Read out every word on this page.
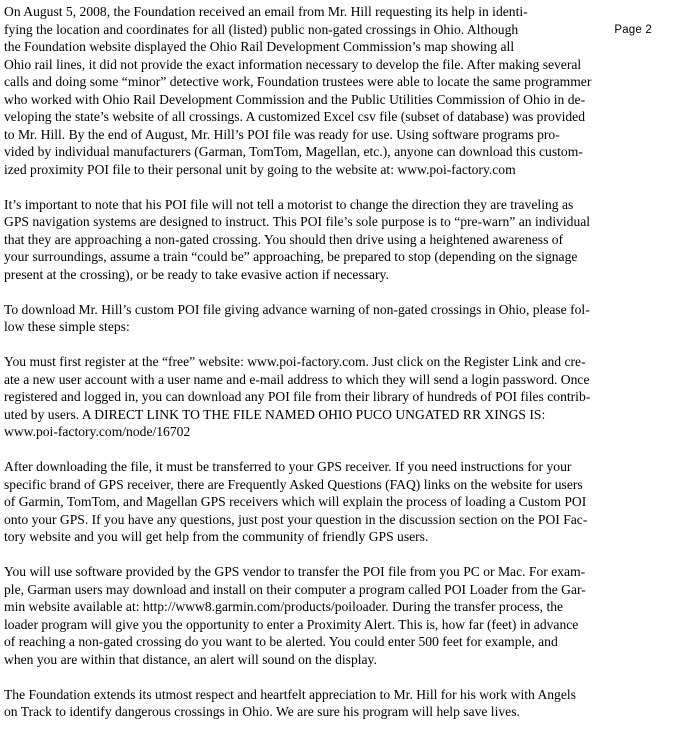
Page 2
On August 5, 2008, the Foundation received an email from Mr. Hill requesting its help in identi-
fying the location and coordinates for all (listed) public non-gated crossings in Ohio. Although
the Foundation website displayed the Ohio Rail Development Commission’s map showing all
Ohio rail lines, it did not provide the exact information necessary to develop the file. After making several
calls and doing some “minor” detective work, Foundation trustees were able to locate the same programmer
who worked with Ohio Rail Development Commission and the Public Utilities Commission of Ohio in de-
veloping the state’s website of all crossings. A customized Excel csv file (subset of database) was provided
to Mr. Hill. By the end of August, Mr. Hill’s POI file was ready for use. Using software programs pro-
vided by individual manufacturers (Garman, TomTom, Magellan, etc.), anyone can download this custom-
ized proximity POI file to their personal unit by going to the website at: www.poi-factory.com
It’s important to note that his POI file will not tell a motorist to change the direction they are traveling as
GPS navigation systems are designed to instruct. This POI file’s sole purpose is to “pre-warn” an individual
that they are approaching a non-gated crossing. You should then drive using a heightened awareness of
your surroundings, assume a train “could be” approaching, be prepared to stop (depending on the signage
present at the crossing), or be ready to take evasive action if necessary.
To download Mr. Hill’s custom POI file giving advance warning of non-gated crossings in Ohio, please fol-
low these simple steps:
You must first register at the “free” website: www.poi-factory.com. Just click on the Register Link and cre-
ate a new user account with a user name and e-mail address to which they will send a login password. Once
registered and logged in, you can download any POI file from their library of hundreds of POI files contrib-
uted by users. A DIRECT LINK TO THE FILE NAMED OHIO PUCO UNGATED RR XINGS IS:
www.poi-factory.com/node/16702
After downloading the file, it must be transferred to your GPS receiver. If you need instructions for your
specific brand of GPS receiver, there are Frequently Asked Questions (FAQ) links on the website for users
of Garmin, TomTom, and Magellan GPS receivers which will explain the process of loading a Custom POI
onto your GPS. If you have any questions, just post your question in the discussion section on the POI Fac-
tory website and you will get help from the community of friendly GPS users.
You will use software provided by the GPS vendor to transfer the POI file from you PC or Mac. For exam-
ple, Garman users may download and install on their computer a program called POI Loader from the Gar-
min website available at: http://www8.garmin.com/products/poiloader. During the transfer process, the
loader program will give you the opportunity to enter a Proximity Alert. This is, how far (feet) in advance
of reaching a non-gated crossing do you want to be alerted. You could enter 500 feet for example, and
when you are within that distance, an alert will sound on the display.
The Foundation extends its utmost respect and heartfelt appreciation to Mr. Hill for his work with Angels
on Track to identify dangerous crossings in Ohio. We are sure his program will help save lives.
